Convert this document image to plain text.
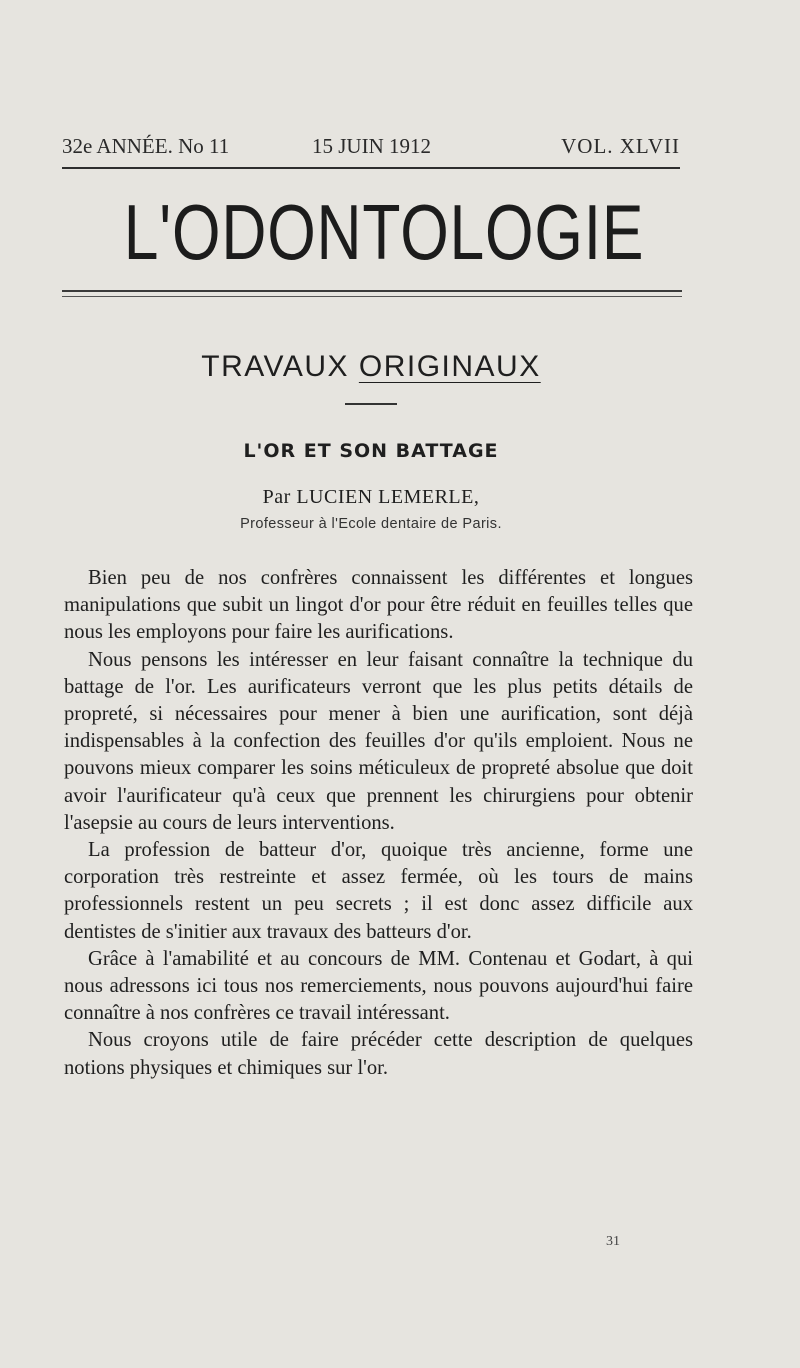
32e ANNÉE. No 11	15 JUIN 1912	VOL. XLVII
L'ODONTOLOGIE
TRAVAUX ORIGINAUX
L'OR ET SON BATTAGE
Par LUCIEN LEMERLE,
Professeur à l'Ecole dentaire de Paris.

Bien peu de nos confrères connaissent les différentes et longues manipulations que subit un lingot d'or pour être réduit en feuilles telles que nous les employons pour faire les aurifications.

Nous pensons les intéresser en leur faisant connaître la technique du battage de l'or. Les aurificateurs verront que les plus petits détails de propreté, si nécessaires pour mener à bien une aurification, sont déjà indispensables à la confection des feuilles d'or qu'ils emploient. Nous ne pouvons mieux comparer les soins méticuleux de propreté absolue que doit avoir l'aurificateur qu'à ceux que prennent les chirurgiens pour obtenir l'asepsie au cours de leurs interventions.

La profession de batteur d'or, quoique très ancienne, forme une corporation très restreinte et assez fermée, où les tours de mains professionnels restent un peu secrets ; il est donc assez difficile aux dentistes de s'initier aux travaux des batteurs d'or.

Grâce à l'amabilité et au concours de MM. Contenau et Godart, à qui nous adressons ici tous nos remerciements, nous pouvons aujourd'hui faire connaître à nos confrères ce travail intéressant.

Nous croyons utile de faire précéder cette description de quelques notions physiques et chimiques sur l'or.

31
